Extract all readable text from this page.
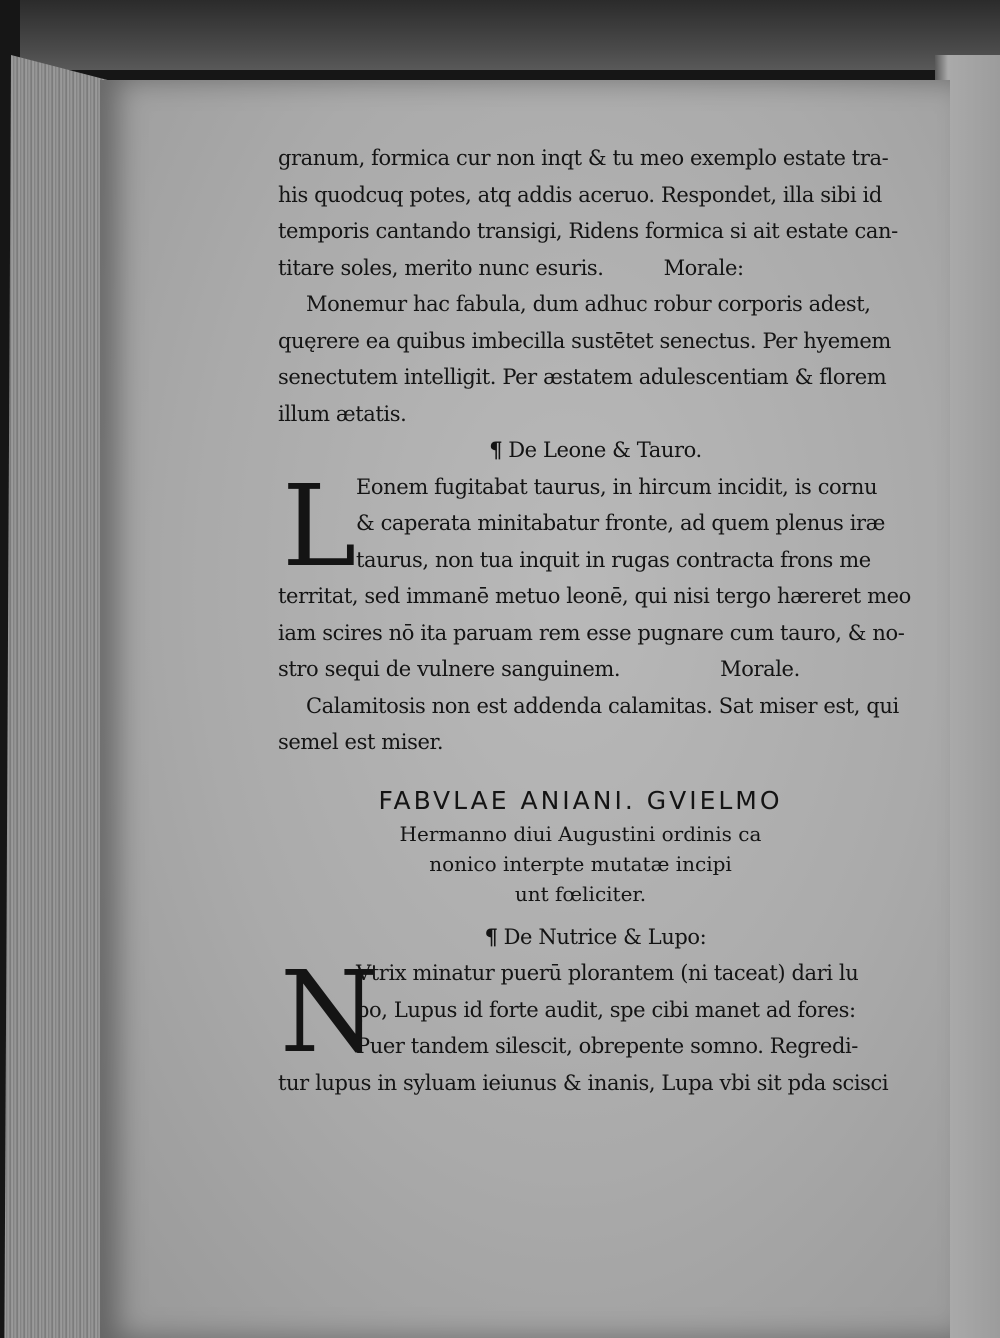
granum, formica cur non inqt & tu meo exemplo estate tra-
his quodcuq potes, atq addis aceruo. Respondet, illa sibi id
temporis cantando transigi, Ridens formica si ait estate can-
titare soles, merito nunc esuris.	Morale:
Monemur hac fabula, dum adhuc robur corporis adest,
quęrere ea quibus imbecilla sustētet senectus. Per hyemem
senectutem intelligit. Per æstatem adulescentiam & florem
illum ætatis.
¶ De Leone & Tauro.
L Eonem fugitabat taurus, in hircum incidit, is cornu
& caperata minitabatur fronte, ad quem plenus iræ
taurus, non tua inquit in rugas contracta frons me
territat, sed immanē metuo leonē, qui nisi tergo hæreret meo
iam scires nō ita paruam rem esse pugnare cum tauro, & no-
stro sequi de vulnere sanguinem.	Morale.
Calamitosis non est addenda calamitas. Sat miser est, qui
semel est miser.
FABVLAE ANIANI. GVIELMO
Hermanno diui Augustini ordinis ca
nonico interpte mutatæ incipi
unt fœliciter.
¶ De Nutrice & Lupo:
N
Vtrix minatur puerū plorantem (ni taceat) dari lu
po, Lupus id forte audit, spe cibi manet ad fores:
Puer tandem silescit, obrepente somno. Regredi-
tur lupus in syluam ieiunus & inanis, Lupa vbi sit pda scisci
